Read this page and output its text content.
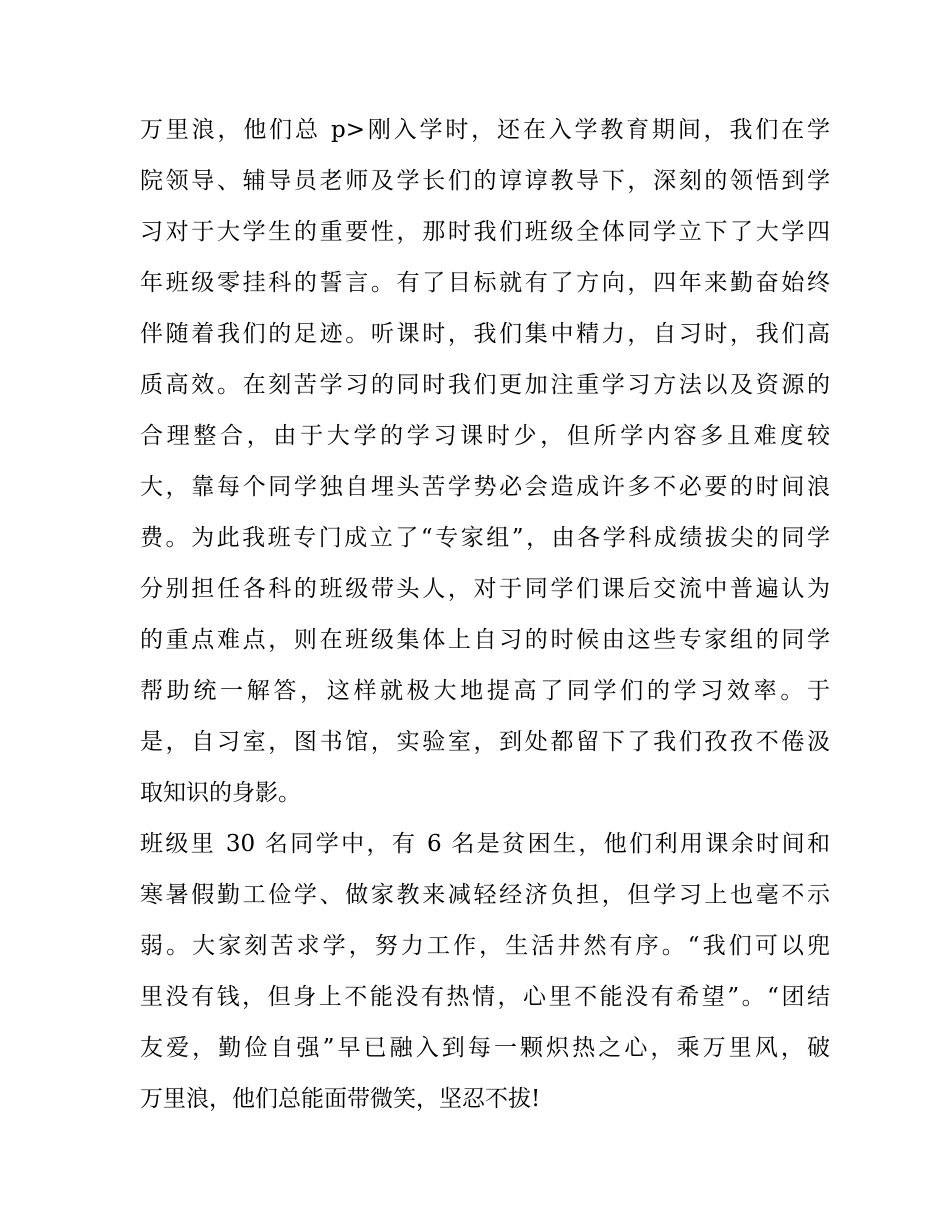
万里浪，他们总 p>刚入学时，还在入学教育期间，我们在学
院领导、辅导员老师及学长们的谆谆教导下，深刻的领悟到学
习对于大学生的重要性，那时我们班级全体同学立下了大学四
年班级零挂科的誓言。有了目标就有了方向，四年来勤奋始终
伴随着我们的足迹。听课时，我们集中精力，自习时，我们高
质高效。在刻苦学习的同时我们更加注重学习方法以及资源的
合理整合，由于大学的学习课时少，但所学内容多且难度较
大，靠每个同学独自埋头苦学势必会造成许多不必要的时间浪
费。为此我班专门成立了“专家组”，由各学科成绩拔尖的同学
分别担任各科的班级带头人，对于同学们课后交流中普遍认为
的重点难点，则在班级集体上自习的时候由这些专家组的同学
帮助统一解答，这样就极大地提高了同学们的学习效率。于
是，自习室，图书馆，实验室，到处都留下了我们孜孜不倦汲
取知识的身影。
班级里 30 名同学中，有 6 名是贫困生，他们利用课余时间和
寒暑假勤工俭学、做家教来减轻经济负担，但学习上也毫不示
弱。大家刻苦求学，努力工作，生活井然有序。“我们可以兜
里没有钱，但身上不能没有热情，心里不能没有希望”。“团结
友爱，勤俭自强”早已融入到每一颗炽热之心，乘万里风，破
万里浪，他们总能面带微笑，坚忍不拔!
